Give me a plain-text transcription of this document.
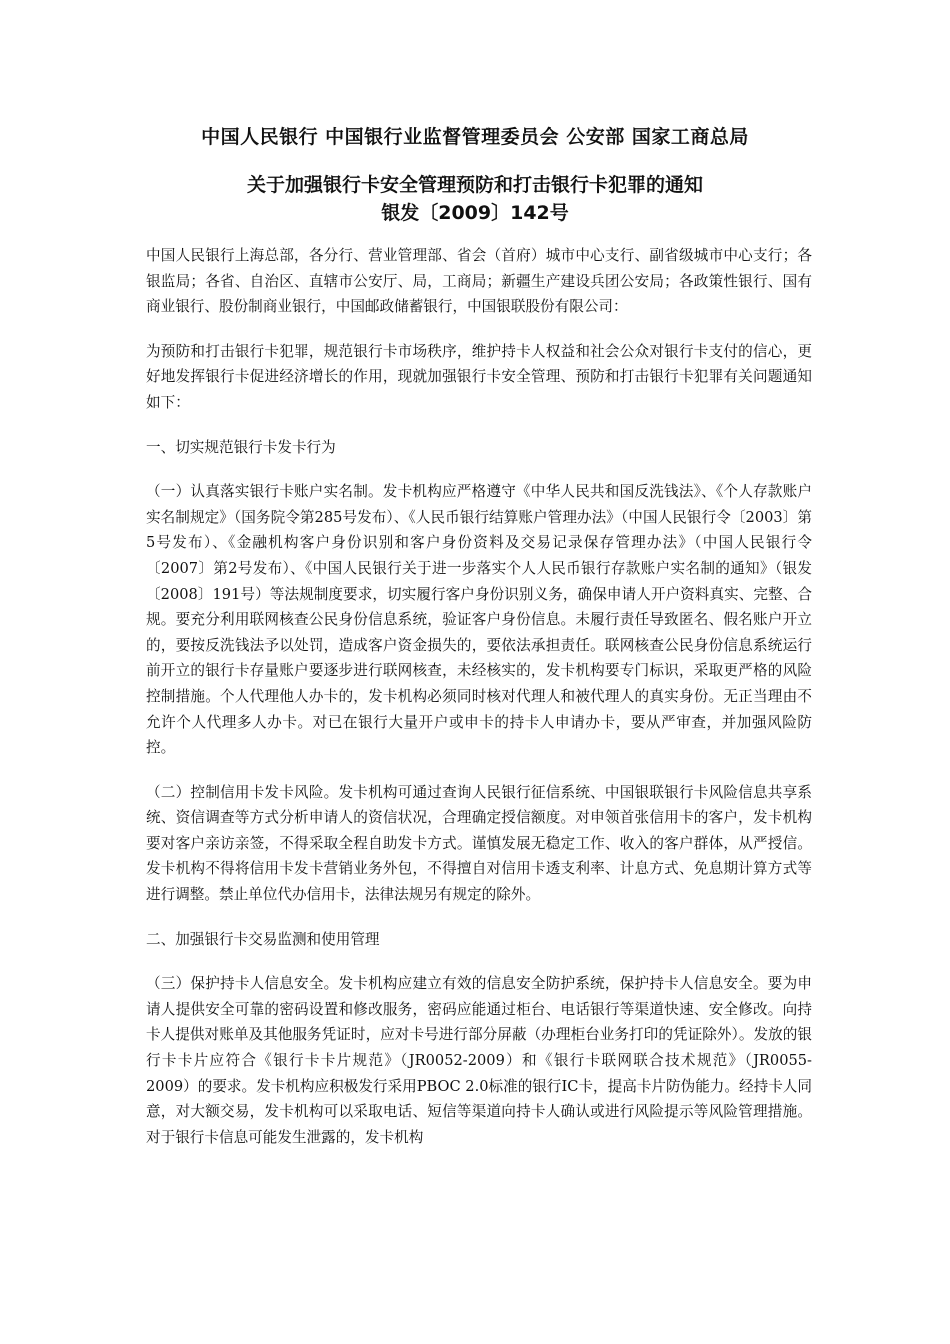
中国人民银行 中国银行业监督管理委员会 公安部 国家工商总局
关于加强银行卡安全管理预防和打击银行卡犯罪的通知
银发〔2009〕142号

中国人民银行上海总部，各分行、营业管理部、省会（首府）城市中心支行、副省级城市中心支行；各银监局；各省、自治区、直辖市公安厅、局，工商局；新疆生产建设兵团公安局；各政策性银行、国有商业银行、股份制商业银行，中国邮政储蓄银行，中国银联股份有限公司：

为预防和打击银行卡犯罪，规范银行卡市场秩序，维护持卡人权益和社会公众对银行卡支付的信心，更好地发挥银行卡促进经济增长的作用，现就加强银行卡安全管理、预防和打击银行卡犯罪有关问题通知如下：

一、切实规范银行卡发卡行为

（一）认真落实银行卡账户实名制。发卡机构应严格遵守《中华人民共和国反洗钱法》、《个人存款账户实名制规定》（国务院令第285号发布）、《人民币银行结算账户管理办法》（中国人民银行令〔2003〕第5号发布）、《金融机构客户身份识别和客户身份资料及交易记录保存管理办法》（中国人民银行令〔2007〕第2号发布）、《中国人民银行关于进一步落实个人人民币银行存款账户实名制的通知》（银发〔2008〕191号）等法规制度要求，切实履行客户身份识别义务，确保申请人开户资料真实、完整、合规。要充分利用联网核查公民身份信息系统，验证客户身份信息。未履行责任导致匿名、假名账户开立的，要按反洗钱法予以处罚，造成客户资金损失的，要依法承担责任。联网核查公民身份信息系统运行前开立的银行卡存量账户要逐步进行联网核查，未经核实的，发卡机构要专门标识，采取更严格的风险控制措施。个人代理他人办卡的，发卡机构必须同时核对代理人和被代理人的真实身份。无正当理由不允许个人代理多人办卡。对已在银行大量开户或申卡的持卡人申请办卡，要从严审查，并加强风险防控。

（二）控制信用卡发卡风险。发卡机构可通过查询人民银行征信系统、中国银联银行卡风险信息共享系统、资信调查等方式分析申请人的资信状况，合理确定授信额度。对申领首张信用卡的客户，发卡机构要对客户亲访亲签，不得采取全程自助发卡方式。谨慎发展无稳定工作、收入的客户群体，从严授信。发卡机构不得将信用卡发卡营销业务外包，不得擅自对信用卡透支利率、计息方式、免息期计算方式等进行调整。禁止单位代办信用卡，法律法规另有规定的除外。

二、加强银行卡交易监测和使用管理

（三）保护持卡人信息安全。发卡机构应建立有效的信息安全防护系统，保护持卡人信息安全。要为申请人提供安全可靠的密码设置和修改服务，密码应能通过柜台、电话银行等渠道快速、安全修改。向持卡人提供对账单及其他服务凭证时，应对卡号进行部分屏蔽（办理柜台业务打印的凭证除外）。发放的银行卡卡片应符合《银行卡卡片规范》（JR0052-2009）和《银行卡联网联合技术规范》（JR0055-2009）的要求。发卡机构应积极发行采用PBOC 2.0标准的银行IC卡，提高卡片防伪能力。经持卡人同意，对大额交易，发卡机构可以采取电话、短信等渠道向持卡人确认或进行风险提示等风险管理措施。对于银行卡信息可能发生泄露的，发卡机构
